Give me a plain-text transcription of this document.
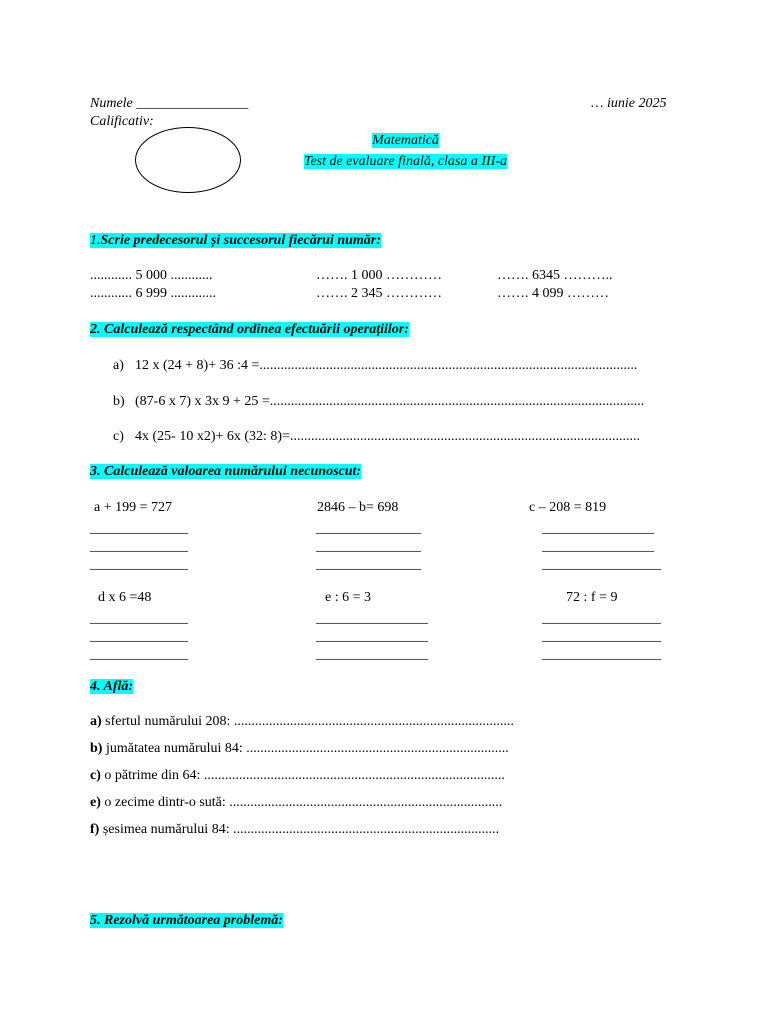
Numele ________________	… iunie 2025
Calificativ:
Matematică
Test de evaluare finală, clasa a III-a
1.Scrie predecesorul și succesorul fiecărui număr:
............ 5 000 ............	……. 1 000 …………	……. 6345 ………..
............ 6 999 .............	……. 2 345 …………	……. 4 099 ………
2. Calculează respectând ordinea efectuării operațiilor:
a) 12 x (24 + 8)+ 36 :4 =............................................................................................................
b) (87-6 x 7) x 3x 9 + 25 =...........................................................................................................
c) 4x (25- 10 x2)+ 6x (32: 8)=....................................................................................................
3. Calculează valoarea numărului necunoscut:
a + 199 = 727	2846 – b= 698	c – 208 = 819
______________	_______________	________________
______________	_______________	________________
______________	_______________	_________________
d x 6 =48	e : 6 = 3	72 : f = 9
______________	________________	_________________
______________	________________	_________________
______________	________________	_________________
4. Află:
a) sfertul numărului 208: ................................................................................
b) jumătatea numărului 84: ...........................................................................
c) o pătrime din 64: ......................................................................................
e) o zecime dintr-o sută: ..............................................................................
f) șesimea numărului 84: ............................................................................
5. Rezolvă următoarea problemă:
